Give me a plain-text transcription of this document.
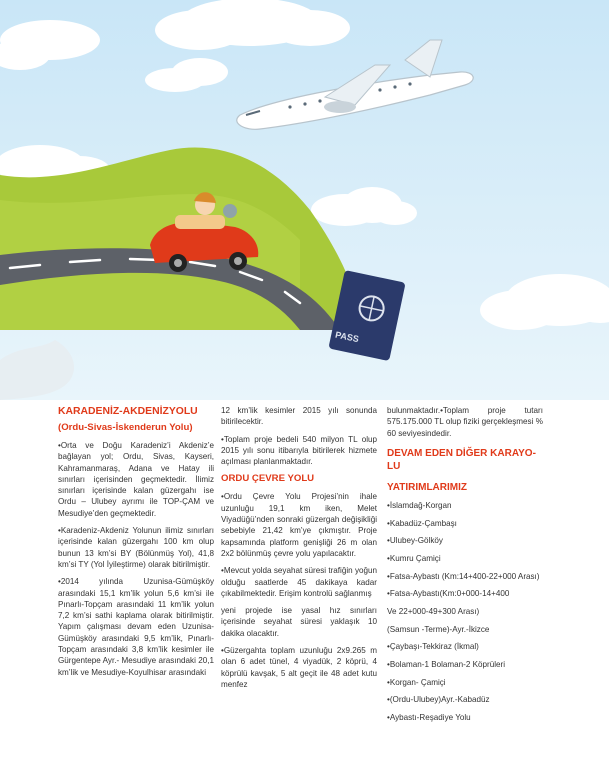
PASS
KARADENİZ-AKDENİZYOLU
(Ordu-Sivas-İskenderun Yolu)

•Orta ve Doğu Karadeniz’i Akdeniz’e bağlayan yol; Ordu, Sivas, Kayseri, Kahramanmaraş, Adana ve Hatay ili sınırları içerisinden geçmektedir. İlimiz sınırları içerisinde kalan güzergahı ise Ordu – Ulubey ayrımı ile TOP-ÇAM ve Mesudiye’den geçmektedir.

•Karadeniz-Akdeniz Yolunun ilimiz sınırları içerisinde kalan güzergahı 100 km olup bunun 13 km’si BY (Bölünmüş Yol), 41,8 km’si TY (Yol İyileştirme) olarak bitirilmiştir.

•2014 yılında Uzunisa-Gümüşköy arasındaki 15,1 km’lik yolun 5,6 km’si ile Pınarlı-Topçam arasındaki 11 km’lik yolun 7,2 km’si sathi kaplama olarak bitirilmiştir. Yapım çalışması devam eden Uzunisa-Gümüşköy arasındaki 9,5 km’lik, Pınarlı-Topçam arasındaki 3,8 km’lik kesimler ile Gürgentepe Ayr.- Mesudiye arasındaki 20,1 km’lik ve Mesudiye-Koyulhisar arasındaki

12 km’lik kesimler 2015 yılı sonunda bitirilecektir.

•Toplam proje bedeli 540 milyon TL olup 2015 yılı sonu itibarıyla bitirilerek hizmete açılması planlanmaktadır.

ORDU ÇEVRE YOLU

•Ordu Çevre Yolu Projesi’nin ihale uzunluğu 19,1 km iken, Melet Viyadüğü’nden sonraki güzergah değişikliği sebebiyle 21,42 km’ye çıkmıştır. Proje kapsamında platform genişliği 26 m olan 2x2 bölünmüş çevre yolu yapılacaktır.

•Mevcut yolda seyahat süresi trafiğin yoğun olduğu saatlerde 45 dakikaya kadar çıkabilmektedir. Erişim kontrolü sağlanmış

yeni projede ise yasal hız sınırları içerisinde seyahat süresi yaklaşık 10 dakika olacaktır.

•Güzergahta toplam uzunluğu 2x9.265 m olan 6 adet tünel, 4 viyadük, 2 köprü, 4 köprülü kavşak, 5 alt geçit ile 48 adet kutu menfez

bulunmaktadır.•Toplam proje tutarı 575.175.000 TL olup fiziki gerçekleşmesi % 60 seviyesindedir.

DEVAM EDEN DİĞER KARAYO-
LU
YATIRIMLARIMIZ
•İslamdağ-Korgan
•Kabadüz-Çambaşı
•Ulubey-Gölköy
•Kumru Çamiçi
•Fatsa-Aybastı (Km:14+400-22+000 Arası)
•Fatsa-Aybastı(Km:0+000-14+400
Ve 22+000-49+300 Arası)
(Samsun -Terme)-Ayr.-İkizce
•Çaybaşı-Tekkiraz (İkmal)
•Bolaman-1 Bolaman-2 Köprüleri
•Korgan- Çamiçi
•(Ordu-Ulubey)Ayr.-Kabadüz
•Aybastı-Reşadiye Yolu
